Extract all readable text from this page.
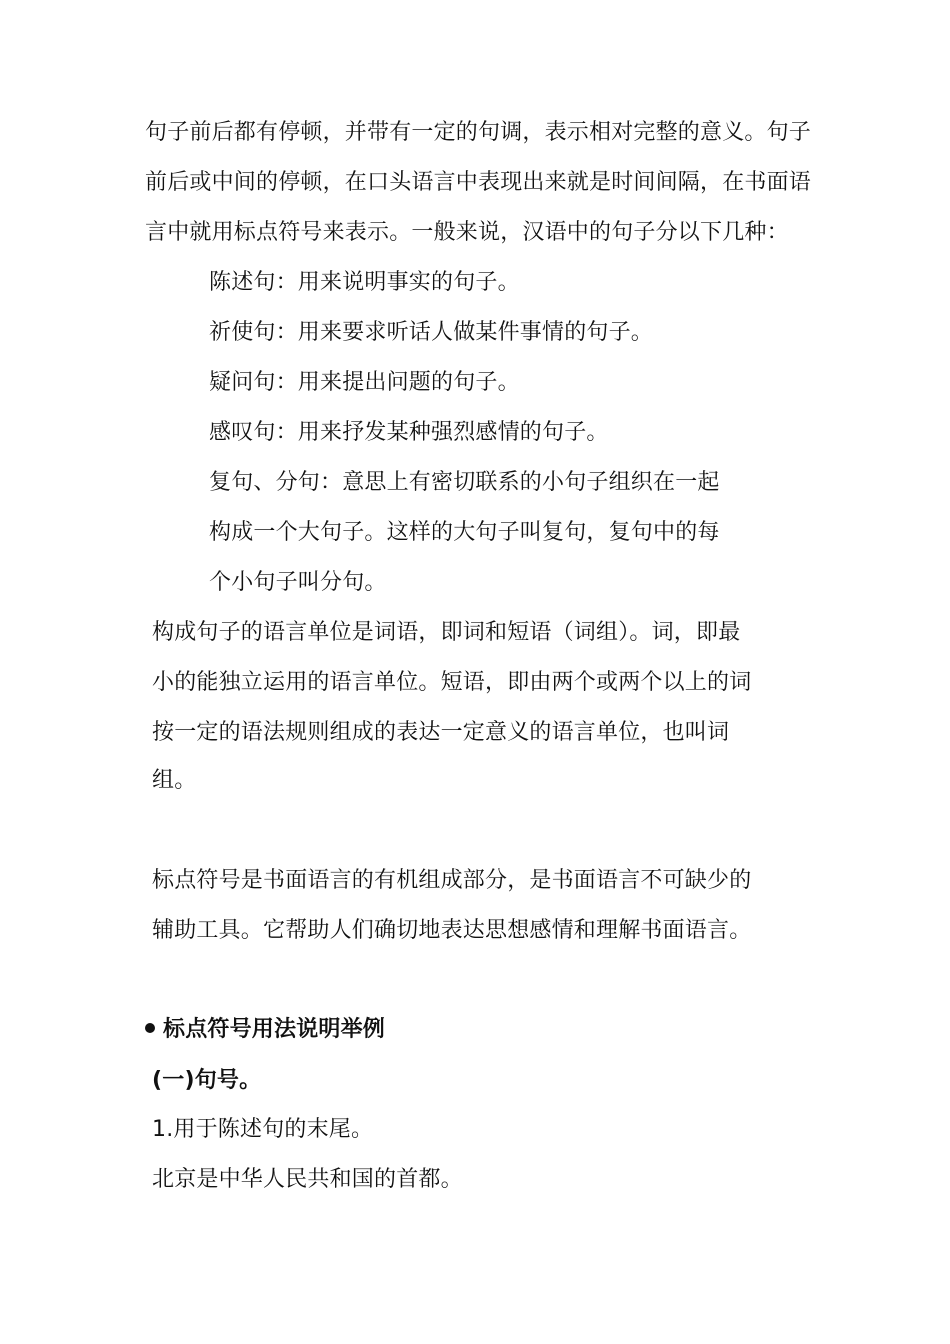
句子前后都有停顿，并带有一定的句调，表示相对完整的意义。句子
前后或中间的停顿，在口头语言中表现出来就是时间间隔，在书面语
言中就用标点符号来表示。一般来说，汉语中的句子分以下几种：
陈述句：用来说明事实的句子。
祈使句：用来要求听话人做某件事情的句子。
疑问句：用来提出问题的句子。
感叹句：用来抒发某种强烈感情的句子。
复句、分句：意思上有密切联系的小句子组织在一起
构成一个大句子。这样的大句子叫复句，复句中的每
个小句子叫分句。
构成句子的语言单位是词语，即词和短语（词组）。词，即最
小的能独立运用的语言单位。短语，即由两个或两个以上的词
按一定的语法规则组成的表达一定意义的语言单位，也叫词
组。
标点符号是书面语言的有机组成部分，是书面语言不可缺少的
辅助工具。它帮助人们确切地表达思想感情和理解书面语言。
标点符号用法说明举例
(一)句号。
1.用于陈述句的末尾。
北京是中华人民共和国的首都。
